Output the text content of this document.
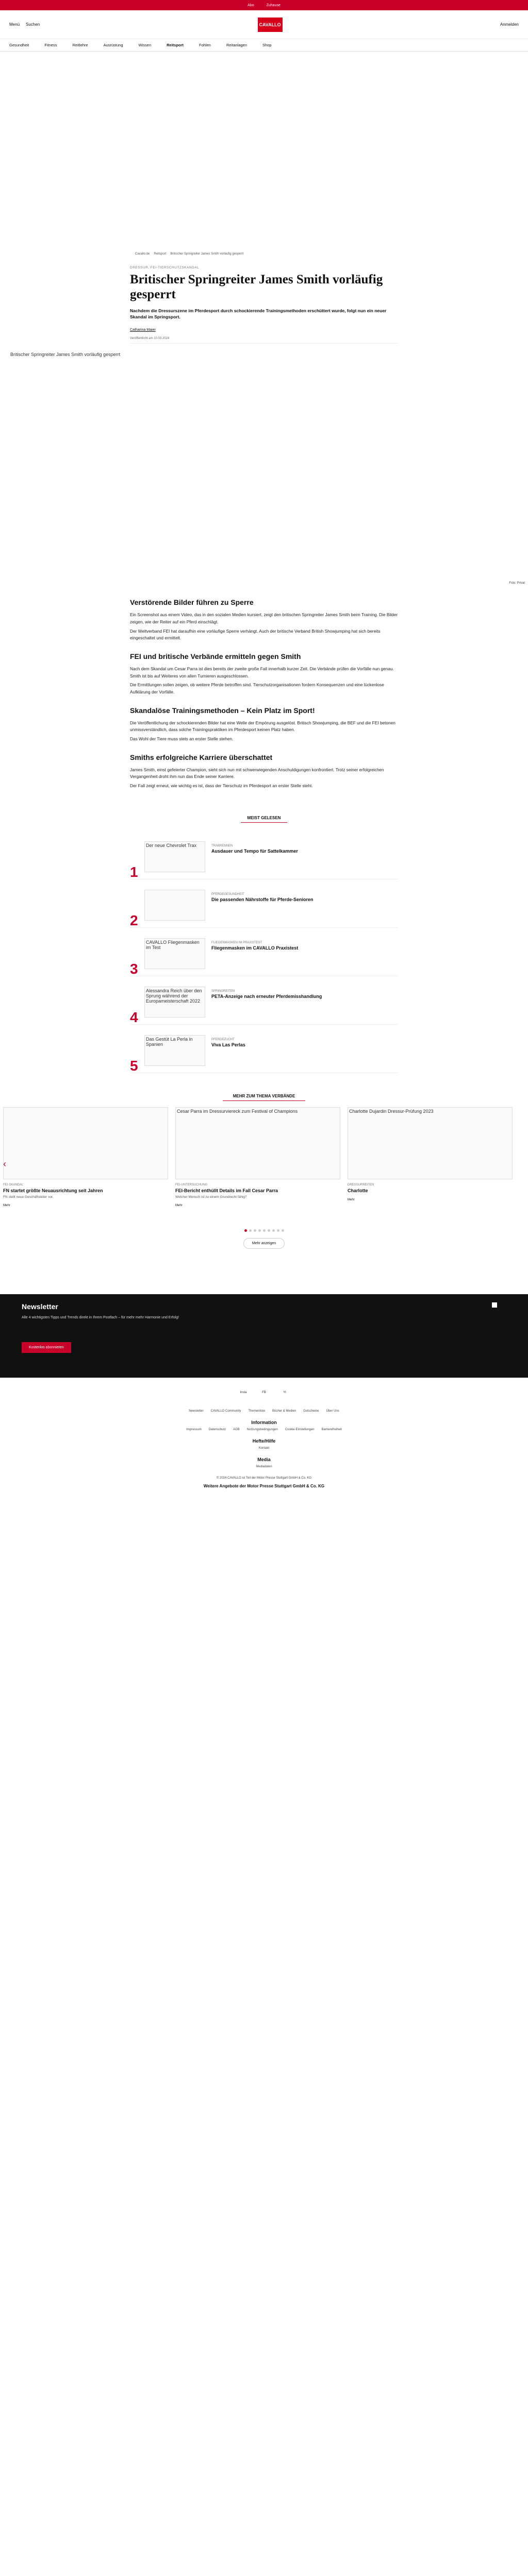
Abo	Zuhause
Menü Suchen	CAVALLO	Anmelden
Gesundheit	Fitness	Reitlehre	Ausrüstung	Wissen	Reitsport	Fohlen	Reitanlagen	Shop
Cavallo.de Reitsport Britischer Springreiter James Smith vorläufig gesperrt
DRESSUR, FEI-TIERSCHUTZSKANDAL
Britischer Springreiter James Smith vorläufig gesperrt

Nachdem die Dressurszene im Pferdesport durch schockierende Trainingsmethoden erschüttert wurde, folgt nun ein neuer Skandal im Springsport.

Catharina Maier
Veröffentlicht am 10.03.2024
Britischer Springreiter James Smith vorläufig gesperrt
Foto: Privat
Verstörende Bilder führen zu Sperre

Ein Screenshot aus einem Video, das in den sozialen Medien kursiert, zeigt den britischen Springreiter James Smith beim Training. Die Bilder zeigen, wie der Reiter auf ein Pferd einschlägt.

Der Weltverband FEI hat daraufhin eine vorläufige Sperre verhängt. Auch der britische Verband British Showjumping hat sich bereits eingeschaltet und ermittelt.

FEI und britische Verbände ermitteln gegen Smith

Nach dem Skandal um Cesar Parra ist dies bereits der zweite große Fall innerhalb kurzer Zeit. Die Verbände prüfen die Vorfälle nun genau. Smith ist bis auf Weiteres von allen Turnieren ausgeschlossen.

Die Ermittlungen sollen zeigen, ob weitere Pferde betroffen sind. Tierschutzorganisationen fordern Konsequenzen und eine lückenlose Aufklärung der Vorfälle.

Skandalöse Trainingsmethoden – Kein Platz im Sport!

Die Veröffentlichung der schockierenden Bilder hat eine Welle der Empörung ausgelöst. Britisch Showjumping, die BEF und die FEI betonen unmissverständlich, dass solche Trainingspraktiken im Pferdesport keinen Platz haben.

Das Wohl der Tiere muss stets an erster Stelle stehen.

Smiths erfolgreiche Karriere überschattet

James Smith, einst gefeierter Champion, sieht sich nun mit schwerwiegenden Anschuldigungen konfrontiert. Trotz seiner erfolgreichen Vergangenheit droht ihm nun das Ende seiner Karriere.

Der Fall zeigt erneut, wie wichtig es ist, dass der Tierschutz im Pferdesport an erster Stelle steht.

MEIST GELESEN
1
Der neue Chevrolet Trax	TRABRENNEN
Ausdauer und Tempo für Sattelkammer
2
PFERDEGESUNDHEIT
Die passenden Nährstoffe für Pferde-Senioren
3
CAVALLO Fliegenmasken im Test
FLIEGENMASKEN IM PRAXISTEST
Fliegenmasken im CAVALLO Praxistest
4
Alessandra Reich über den Sprung während der Europameisterschaft 2022
SPRINGREITEN
PETA-Anzeige nach erneuter Pferdemisshandlung
5
Das Gestüt La Perla in Spanien
PFERDEZUCHT
Viva Las Perlas
MEHR ZUM THEMA VERBÄNDE
‹
FEI-SKANDAL
FN startet größte Neuausrichtung seit Jahren
FN stellt neue Geschäftsleiter vor.
Mehr
Cesar Parra im Dressurviereck zum Festival of Champions
FEI-UNTERSUCHUNG
FEI-Bericht enthüllt Details im Fall Cesar Parra
Welcher Mensch ist zu einem Grundrecht fähig?
Mehr
Charlotte Dujardin Dressur-Prüfung 2023
DRESSURREITEN
Charlotte
Mehr
Mehr anzeigen
Newsletter
Alle 4 wichtigsten Tipps und Trends direkt in Ihrem Postfach – für mehr mehr Harmonie und Erfolg!
Kostenlos abonnieren
Insta	FB	Yt
Newsletter CAVALLO Community Themenliste Bücher & Medien Gutscheine Über Uns
Information
Impressum Datenschutz AGB Nutzungsbedingungen Cookie-Einstellungen Barrierefreiheit
Hefte/Hilfe
Kontakt
Media
Mediadaten
© 2024 CAVALLO ist Teil der Motor Presse Stuttgart GmbH & Co. KG
Weitere Angebote der Motor Presse Stuttgart GmbH & Co. KG
